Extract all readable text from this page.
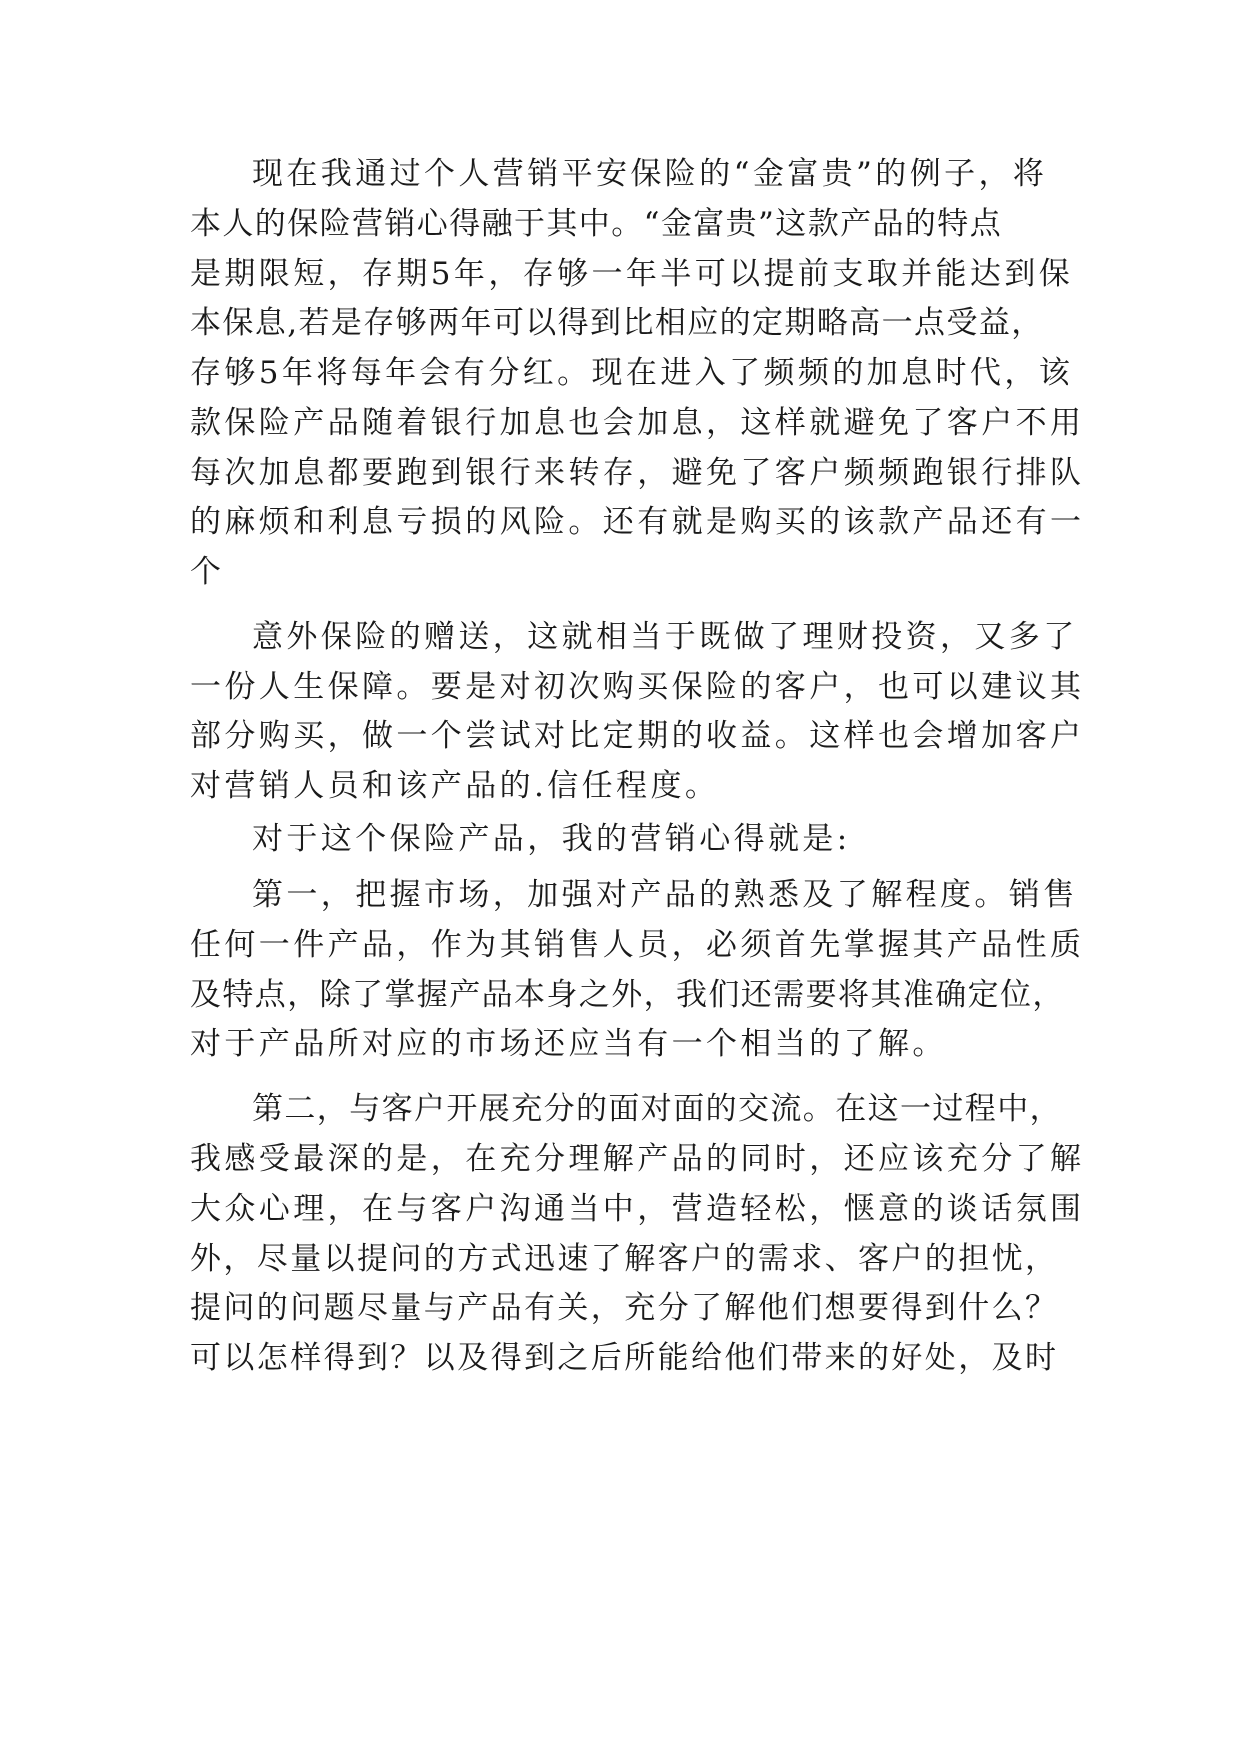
现在我通过个人营销平安保险的“金富贵”的例子，将
本人的保险营销心得融于其中。“金富贵”这款产品的特点
是期限短，存期5年，存够一年半可以提前支取并能达到保
本保息,若是存够两年可以得到比相应的定期略高一点受益，
存够5年将每年会有分红。现在进入了频频的加息时代，该
款保险产品随着银行加息也会加息，这样就避免了客户不用
每次加息都要跑到银行来转存，避免了客户频频跑银行排队
的麻烦和利息亏损的风险。还有就是购买的该款产品还有一
个
意外保险的赠送，这就相当于既做了理财投资，又多了
一份人生保障。要是对初次购买保险的客户，也可以建议其
部分购买，做一个尝试对比定期的收益。这样也会增加客户
对营销人员和该产品的.信任程度。
对于这个保险产品，我的营销心得就是:
第一，把握市场，加强对产品的熟悉及了解程度。销售
任何一件产品，作为其销售人员，必须首先掌握其产品性质
及特点，除了掌握产品本身之外，我们还需要将其准确定位，
对于产品所对应的市场还应当有一个相当的了解。
第二，与客户开展充分的面对面的交流。在这一过程中，
我感受最深的是，在充分理解产品的同时，还应该充分了解
大众心理，在与客户沟通当中，营造轻松，惬意的谈话氛围
外，尽量以提问的方式迅速了解客户的需求、客户的担忧，
提问的问题尽量与产品有关，充分了解他们想要得到什么？
可以怎样得到？以及得到之后所能给他们带来的好处，及时
